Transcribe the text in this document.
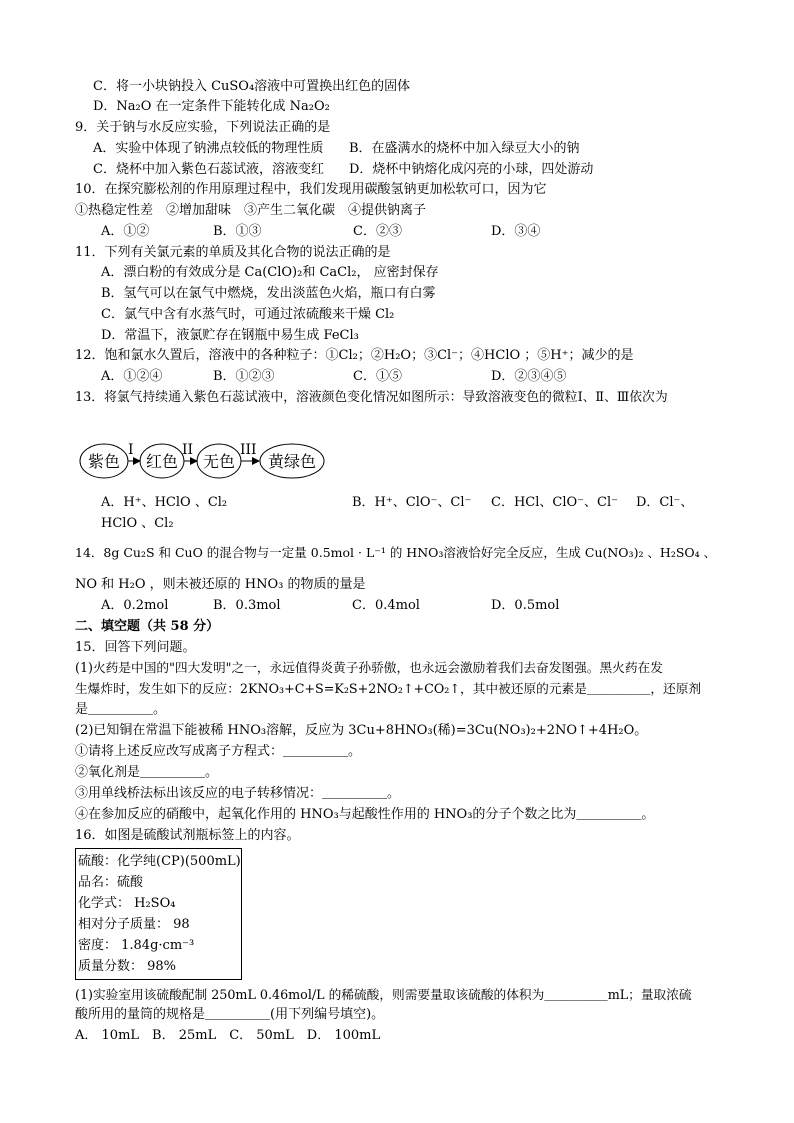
C．将一小块钠投入 CuSO₄溶液中可置换出红色的固体
D．Na₂O 在一定条件下能转化成 Na₂O₂
9．关于钠与水反应实验，下列说法正确的是
A．实验中体现了钠沸点较低的物理性质 B．在盛满水的烧杯中加入绿豆大小的钠
C．烧杯中加入紫色石蕊试液，溶液变红 D．烧杯中钠熔化成闪亮的小球，四处游动
10．在探究膨松剂的作用原理过程中，我们发现用碳酸氢钠更加松软可口，因为它
①热稳定性差　②增加甜味　③产生二氧化碳　④提供钠离子
A．①②	B．①③	C．②③	D．③④
11．下列有关氯元素的单质及其化合物的说法正确的是
A．漂白粉的有效成分是 Ca(ClO)₂和 CaCl₂， 应密封保存
B．氢气可以在氯气中燃烧，发出淡蓝色火焰，瓶口有白雾
C．氯气中含有水蒸气时，可通过浓硫酸来干燥 Cl₂
D．常温下，液氯贮存在钢瓶中易生成 FeCl₃
12．饱和氯水久置后，溶液中的各种粒子：①Cl₂；②H₂O；③Cl⁻；④HClO ；⑤H⁺；减少的是
A．①②④	B．①②③	C．①⑤	D．②③④⑤
13．将氯气持续通入紫色石蕊试液中，溶液颜色变化情况如图所示：导致溶液变色的微粒Ⅰ、Ⅱ、Ⅲ依次为
紫色
I
红色
II
无色
III
黄绿色
A．H⁺、HClO 、Cl₂	B．H⁺、ClO⁻、Cl⁻ C．HCl、ClO⁻、Cl⁻ D．Cl⁻、
HClO 、Cl₂
14．8g Cu₂S 和 CuO 的混合物与一定量 0.5mol · L⁻¹ 的 HNO₃溶液恰好完全反应，生成 Cu(NO₃)₂ 、H₂SO₄ 、
NO 和 H₂O ，则未被还原的 HNO₃ 的物质的量是
A．0.2mol	B．0.3mol	C．0.4mol	D．0.5mol
二、填空题（共 58 分）
15．回答下列问题。
(1)火药是中国的"四大发明"之一，永远值得炎黄子孙骄傲，也永远会激励着我们去奋发图强。黑火药在发
生爆炸时，发生如下的反应：2KNO₃+C+S=K₂S+2NO₂↑+CO₂↑，其中被还原的元素是＿＿＿＿＿，还原剂
是＿＿＿＿＿。
(2)已知铜在常温下能被稀 HNO₃溶解，反应为 3Cu+8HNO₃(稀)=3Cu(NO₃)₂+2NO↑+4H₂O。
①请将上述反应改写成离子方程式：＿＿＿＿＿。
②氧化剂是＿＿＿＿＿。
③用单线桥法标出该反应的电子转移情况：＿＿＿＿＿。
④在参加反应的硝酸中，起氧化作用的 HNO₃与起酸性作用的 HNO₃的分子个数之比为＿＿＿＿＿。
16．如图是硫酸试剂瓶标签上的内容。
硫酸：化学纯(CP)(500mL)
品名：硫酸
化学式： H₂SO₄
相对分子质量： 98
密度： 1.84g·cm⁻³
质量分数： 98%
(1)实验室用该硫酸配制 250mL 0.46mol/L 的稀硫酸，则需要量取该硫酸的体积为＿＿＿＿＿mL；量取浓硫
酸所用的量筒的规格是＿＿＿＿＿(用下列编号填空)。
A． 10mL　B． 25mL　C． 50mL　D． 100mL
